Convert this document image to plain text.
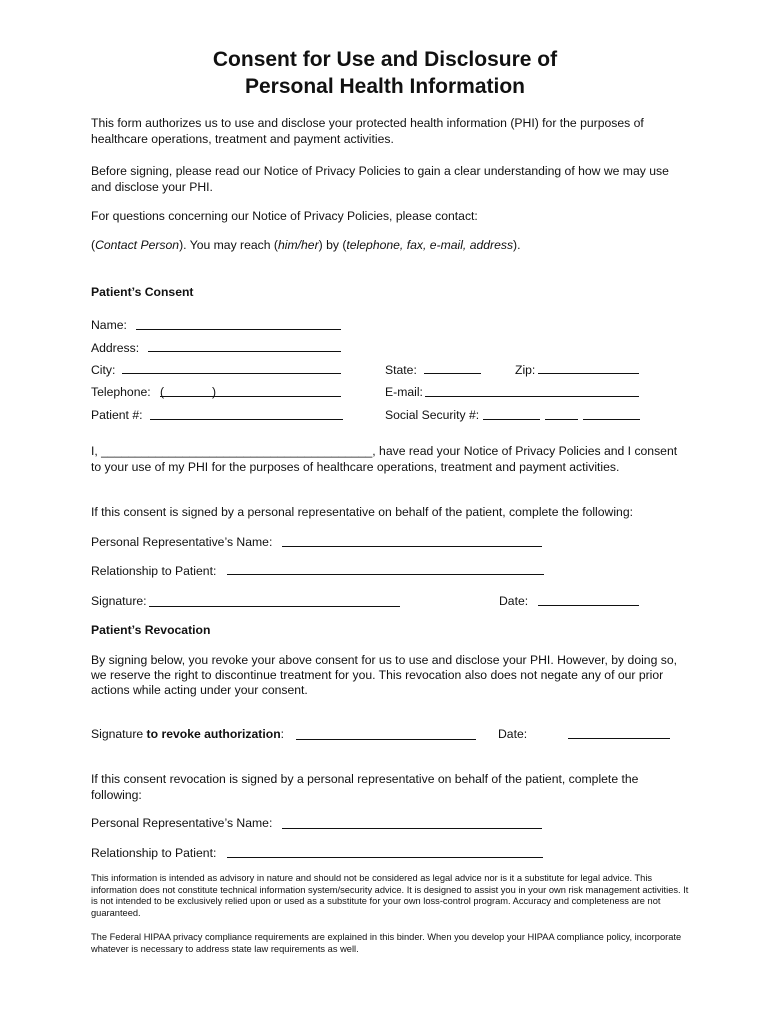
Consent for Use and Disclosure of
Personal Health Information
This form authorizes us to use and disclose your protected health information (PHI) for the purposes of healthcare operations, treatment and payment activities.
Before signing, please read our Notice of Privacy Policies to gain a clear understanding of how we may use and disclose your PHI.
For questions concerning our Notice of Privacy Policies, please contact:
(Contact Person). You may reach (him/her) by (telephone, fax, e-mail, address).
Patient’s Consent
Name:
Address:
City:	State:	Zip:
Telephone: (	)	E-mail:
Patient #:	Social Security #:
I, ________________________________________, have read your Notice of Privacy Policies and I consent to your use of my PHI for the purposes of healthcare operations, treatment and payment activities.
If this consent is signed by a personal representative on behalf of the patient, complete the following:
Personal Representative’s Name:
Relationship to Patient:
Signature:	Date:
Patient’s Revocation
By signing below, you revoke your above consent for us to use and disclose your PHI. However, by doing so, we reserve the right to discontinue treatment for you. This revocation also does not negate any of our prior actions while acting under your consent.
Signature to revoke authorization:	Date:
If this consent revocation is signed by a personal representative on behalf of the patient, complete the following:
Personal Representative’s Name:
Relationship to Patient:
This information is intended as advisory in nature and should not be considered as legal advice nor is it a substitute for legal advice. This information does not constitute technical information system/security advice. It is designed to assist you in your own risk management activities. It is not intended to be exclusively relied upon or used as a substitute for your own loss-control program. Accuracy and completeness are not guaranteed.
The Federal HIPAA privacy compliance requirements are explained in this binder. When you develop your HIPAA compliance policy, incorporate whatever is necessary to address state law requirements as well.
